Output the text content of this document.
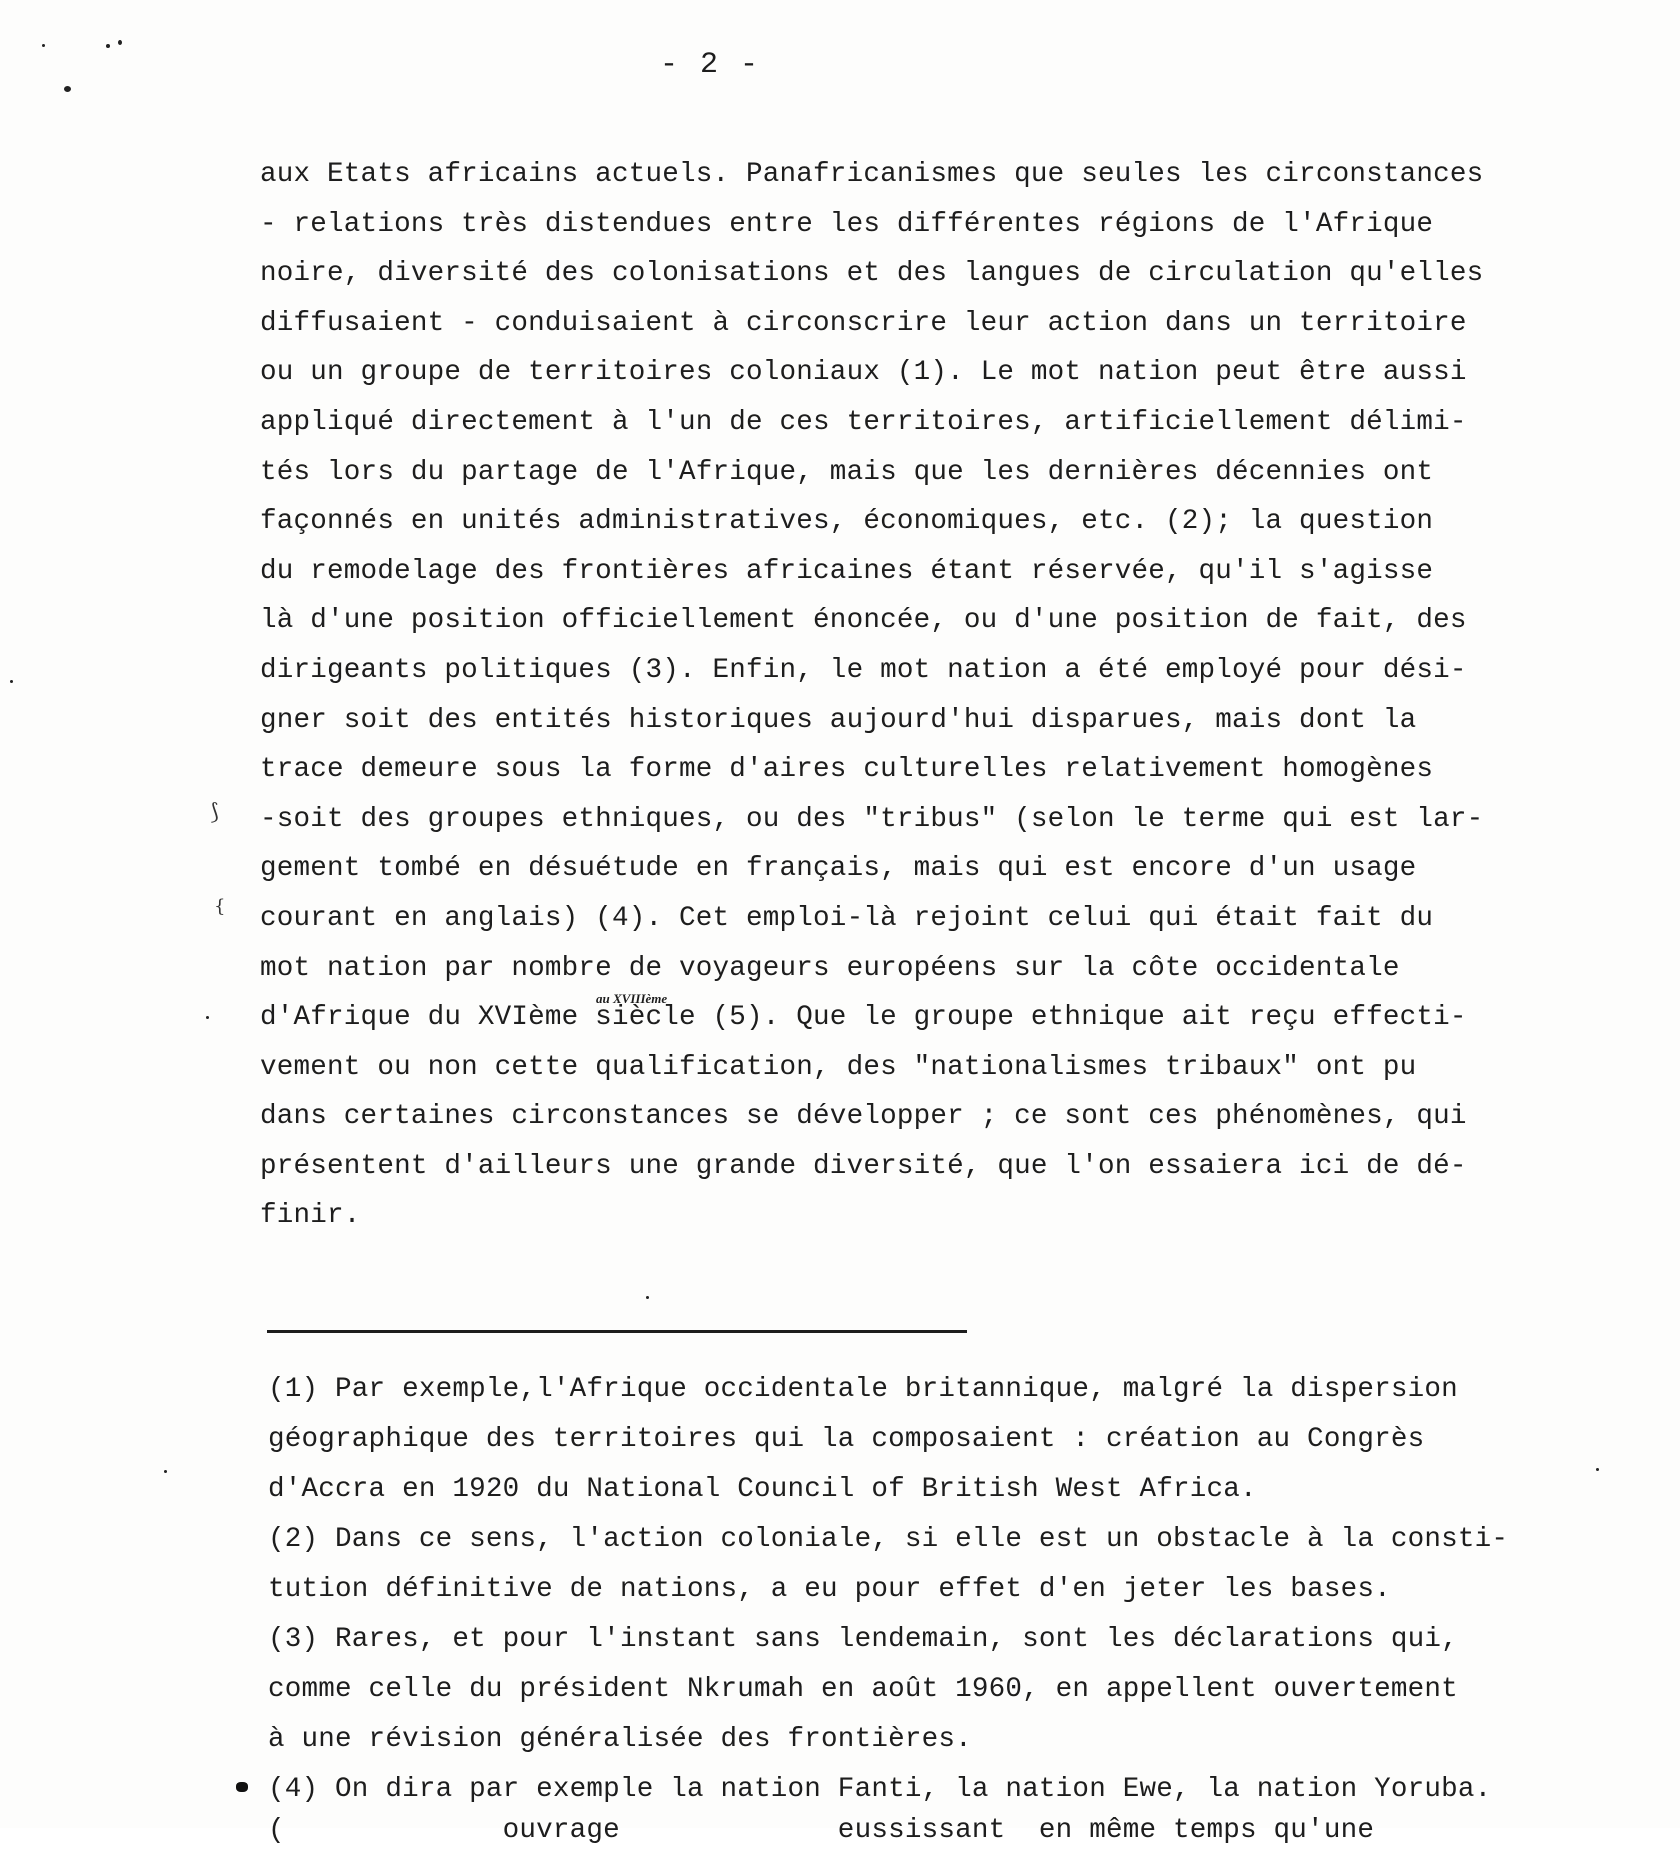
⟆
{
- 2 -
aux Etats africains actuels. Panafricanismes que seules les circonstances
- relations très distendues entre les différentes régions de l'Afrique
noire, diversité des colonisations et des langues de circulation qu'elles
diffusaient - conduisaient à circonscrire leur action dans un territoire
ou un groupe de territoires coloniaux (1). Le mot nation peut être aussi
appliqué directement à l'un de ces territoires, artificiellement délimi-
tés lors du partage de l'Afrique, mais que les dernières décennies ont
façonnés en unités administratives, économiques, etc. (2); la question
du remodelage des frontières africaines étant réservée, qu'il s'agisse
là d'une position officiellement énoncée, ou d'une position de fait, des
dirigeants politiques (3). Enfin, le mot nation a été employé pour dési-
gner soit des entités historiques aujourd'hui disparues, mais dont la
trace demeure sous la forme d'aires culturelles relativement homogènes
-soit des groupes ethniques, ou des "tribus" (selon le terme qui est lar-
gement tombé en désuétude en français, mais qui est encore d'un usage
courant en anglais) (4). Cet emploi-là rejoint celui qui était fait du
mot nation par nombre de voyageurs européens sur la côte occidentale
d'Afrique du XVIème siècle (5). Que le groupe ethnique ait reçu effecti-
vement ou non cette qualification, des "nationalismes tribaux" ont pu
dans certaines circonstances se développer ; ce sont ces phénomènes, qui
présentent d'ailleurs une grande diversité, que l'on essaiera ici de dé-
finir.
au XVIIIème
(1) Par exemple,l'Afrique occidentale britannique, malgré la dispersion
géographique des territoires qui la composaient : création au Congrès
d'Accra en 1920 du National Council of British West Africa.
(2) Dans ce sens, l'action coloniale, si elle est un obstacle à la consti-
tution définitive de nations, a eu pour effet d'en jeter les bases.
(3) Rares, et pour l'instant sans lendemain, sont les déclarations qui,
comme celle du président Nkrumah en août 1960, en appellent ouvertement
à une révision généralisée des frontières.
(4) On dira par exemple la nation Fanti, la nation Ewe, la nation Yoruba.
(             ouvrage             eussissant  en même temps qu'une
